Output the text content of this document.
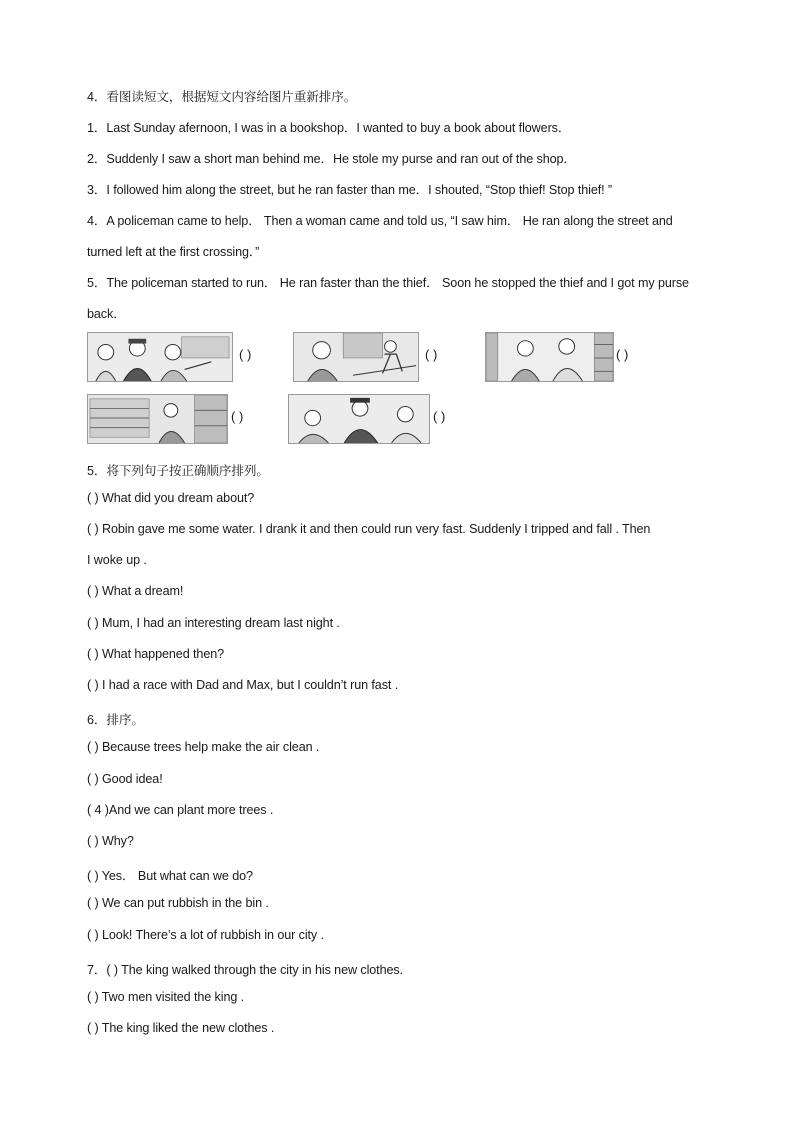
4．看图读短文，根据短文内容给图片重新排序。
1．Last Sunday afernoon, I was in a bookshop．I wanted to buy a book about flowers．
2．Suddenly I saw a short man behind me．He stole my purse and ran out of the shop．
3．I followed him along the street, but he ran faster than me．I shouted, “Stop thief! Stop thief! ”
4．A policeman came to help． Then a woman came and told us, “I saw him． He ran along the street and
turned left at the first crossing．”
5．The policeman started to run． He ran faster than the thief． Soon he stopped the thief and I got my purse
back．
( )	( )	( )
( )	( )
5．将下列句子按正确顺序排列。
( ) What did you dream about?
( ) Robin gave me some water. I drank it and then could run very fast. Suddenly I tripped and fall . Then
I woke up .
( ) What a dream!
( ) Mum, I had an interesting dream last night .
( ) What happened then?
( ) I had a race with Dad and Max, but I couldn’t run fast .
6．排序。
( ) Because trees help make the air clean .
( ) Good idea!
( 4 )And we can plant more trees .
( ) Why?
( ) Yes． But what can we do?
( ) We can put rubbish in the bin .
( ) Look! There’s a lot of rubbish in our city .
7．( ) The king walked through the city in his new clothes.
( ) Two men visited the king .
( ) The king liked the new clothes .
